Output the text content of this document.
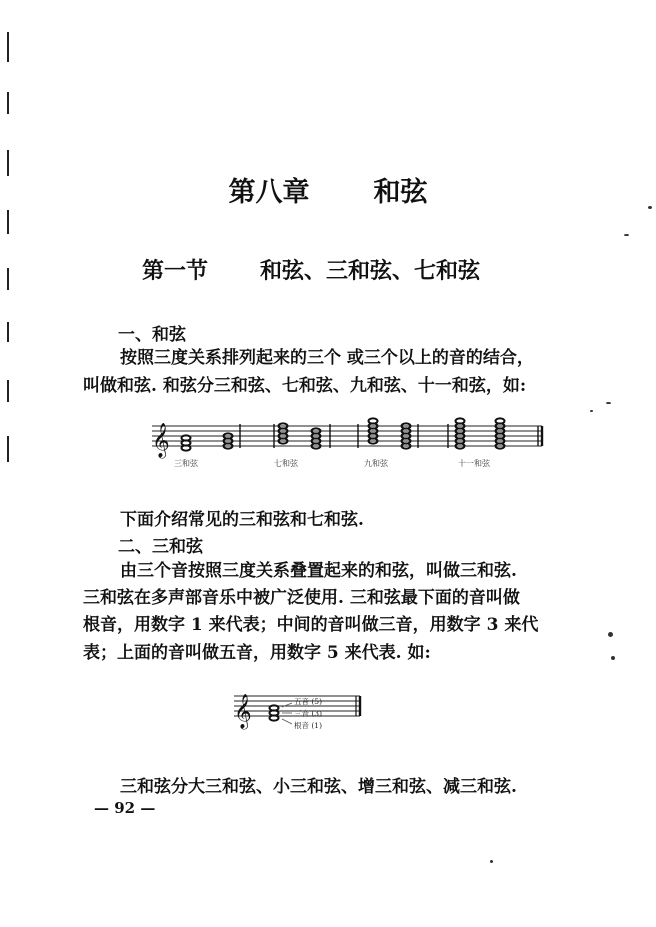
第八章 和弦
第一节 和弦、三和弦、七和弦
一、和弦
按照三度关系排列起来的三个 或三个以上的音的结合，
叫做和弦. 和弦分三和弦、七和弦、九和弦、十一和弦，如:
𝄞
三和弦	七和弦	九和弦	十一和弦
下面介绍常见的三和弦和七和弦.
二、三和弦
由三个音按照三度关系叠置起来的和弦，叫做三和弦.
三和弦在多声部音乐中被广泛使用. 三和弦最下面的音叫做
根音，用数字 1 来代表；中间的音叫做三音，用数字 3 来代
表；上面的音叫做五音，用数字 5 来代表. 如:
𝄞	五音 (5)
三音 (3)
根音 (1)
三和弦分大三和弦、小三和弦、增三和弦、减三和弦.
— 92 —
